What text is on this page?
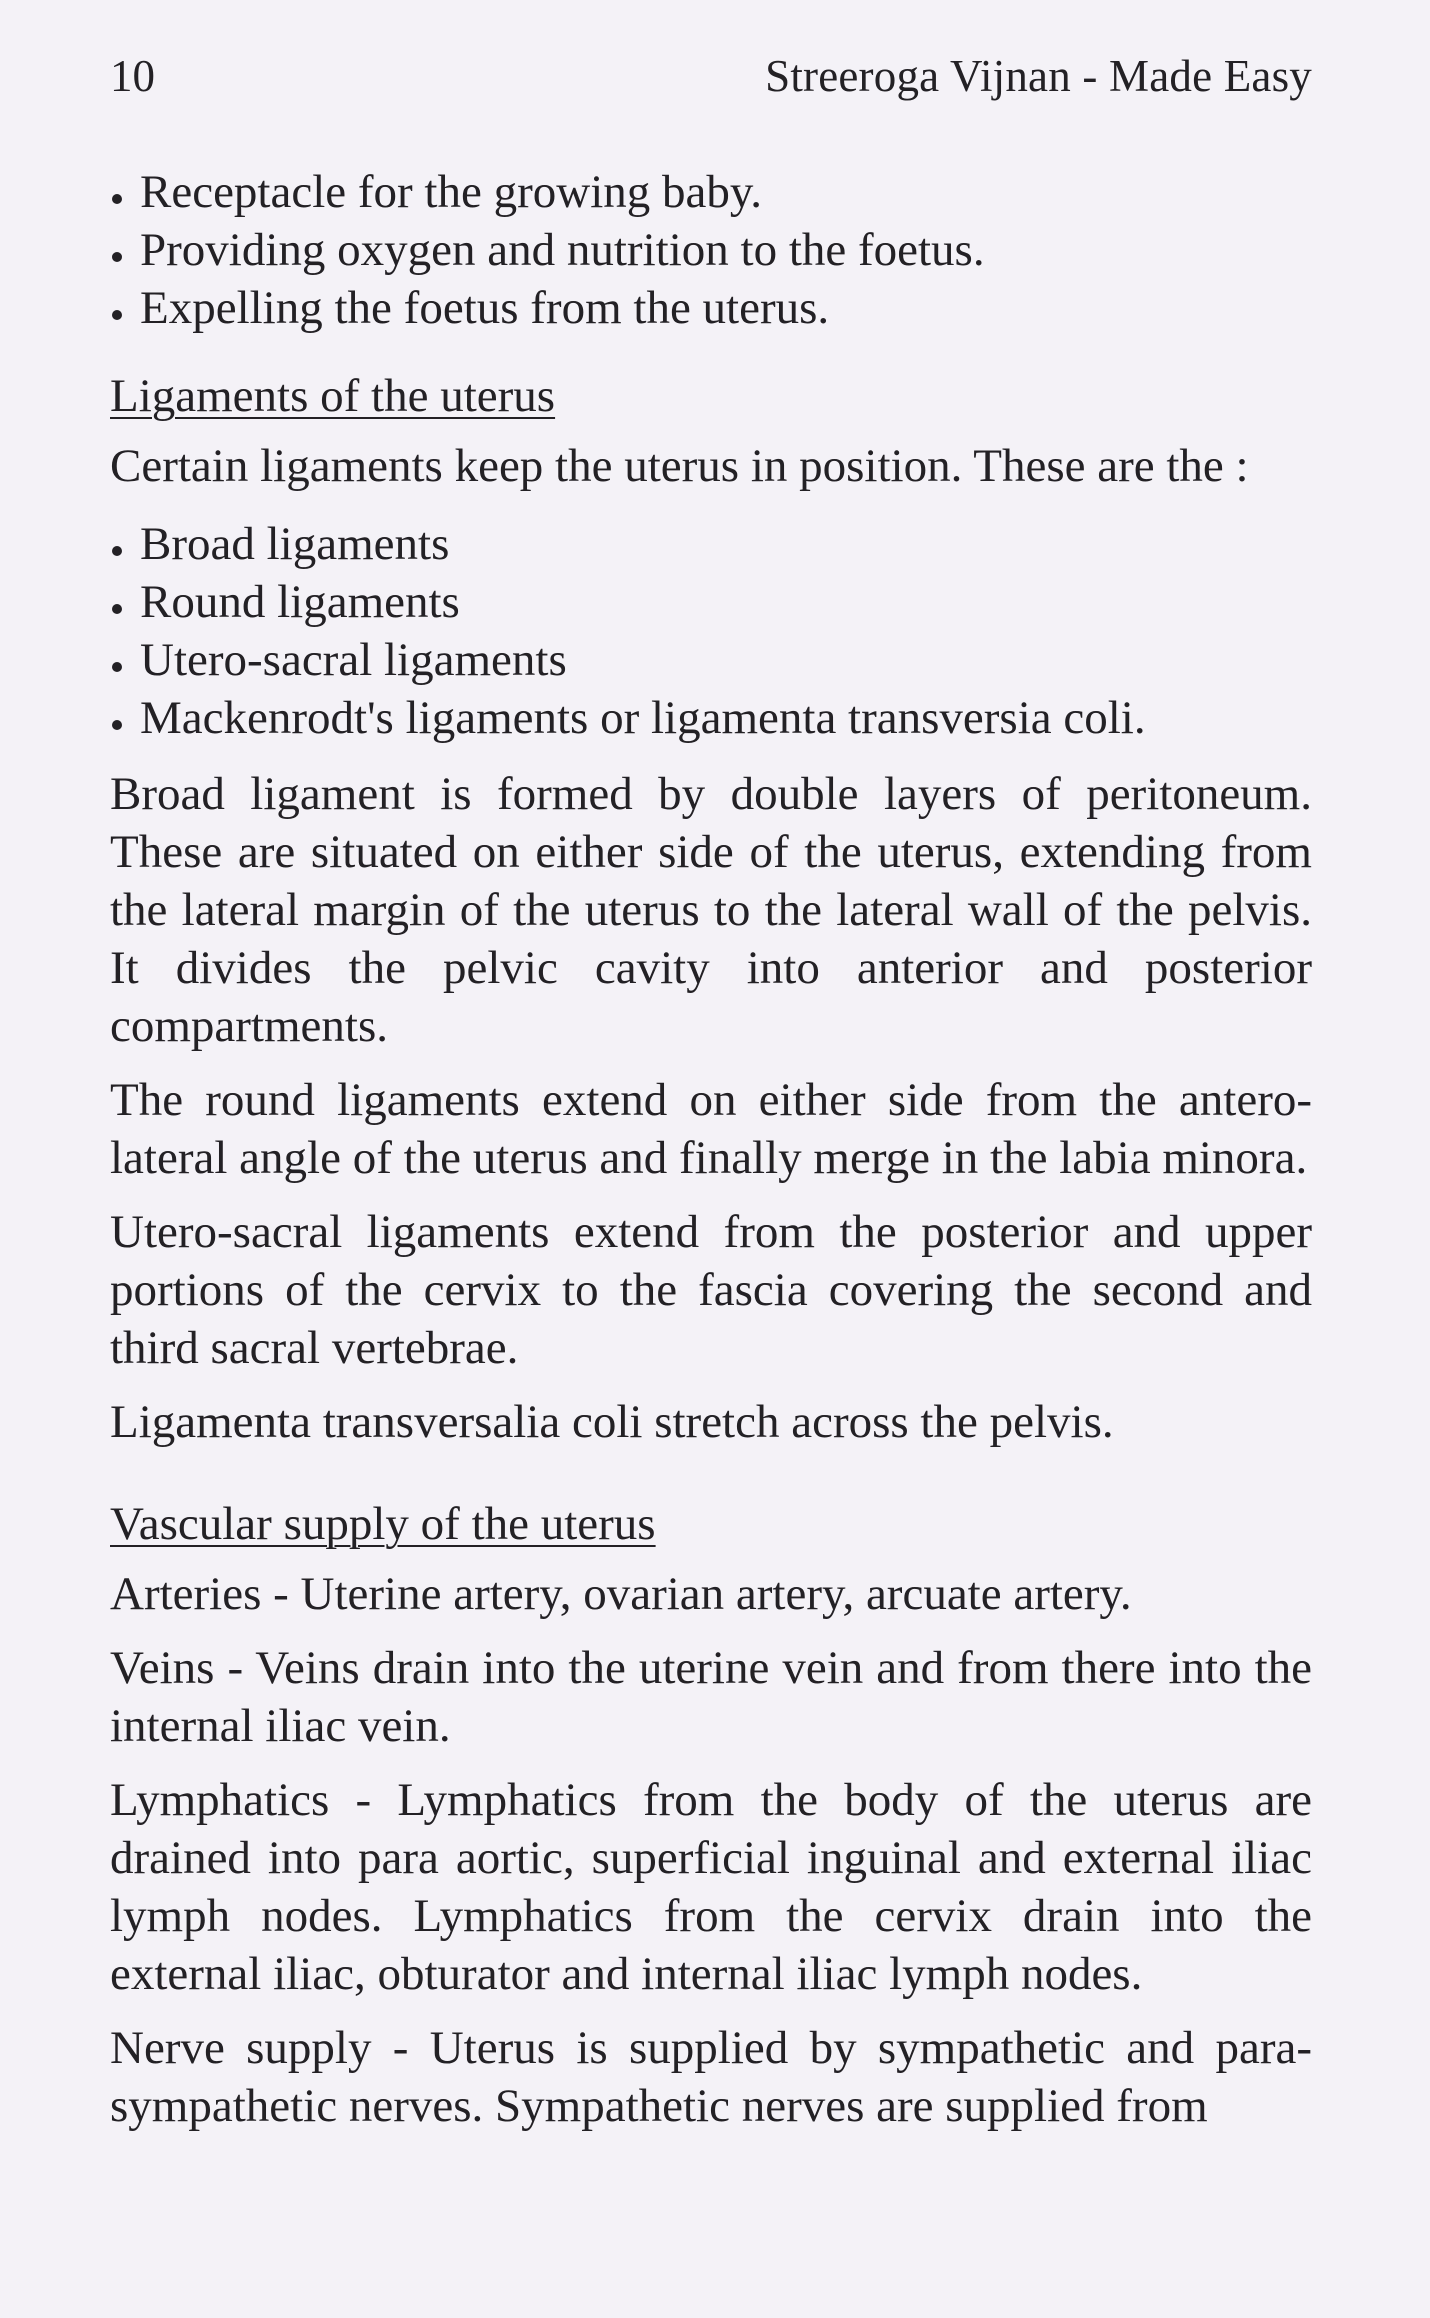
10	Streeroga Vijnan - Made Easy
Receptacle for the growing baby.
Providing oxygen and nutrition to the foetus.
Expelling the foetus from the uterus.
Ligaments of the uterus

Certain ligaments keep the uterus in position. These are the :

Broad ligaments
Round ligaments
Utero-sacral ligaments
Mackenrodt's ligaments or ligamenta transversia coli.

Broad ligament is formed by double layers of peritoneum. These are situated on either side of the uterus, extending from the lateral margin of the uterus to the lateral wall of the pelvis. It divides the pelvic cavity into anterior and posterior compartments.

The round ligaments extend on either side from the anterolateral angle of the uterus and finally merge in the labia minora.

Utero-sacral ligaments extend from the posterior and upper portions of the cervix to the fascia covering the second and third sacral vertebrae.

Ligamenta transversalia coli stretch across the pelvis.

Vascular supply of the uterus

Arteries - Uterine artery, ovarian artery, arcuate artery.

Veins - Veins drain into the uterine vein and from there into the internal iliac vein.

Lymphatics - Lymphatics from the body of the uterus are drained into para aortic, superficial inguinal and external iliac lymph nodes. Lymphatics from the cervix drain into the external iliac, obturator and internal iliac lymph nodes.

Nerve supply - Uterus is supplied by sympathetic and parasympathetic nerves. Sympathetic nerves are supplied from
